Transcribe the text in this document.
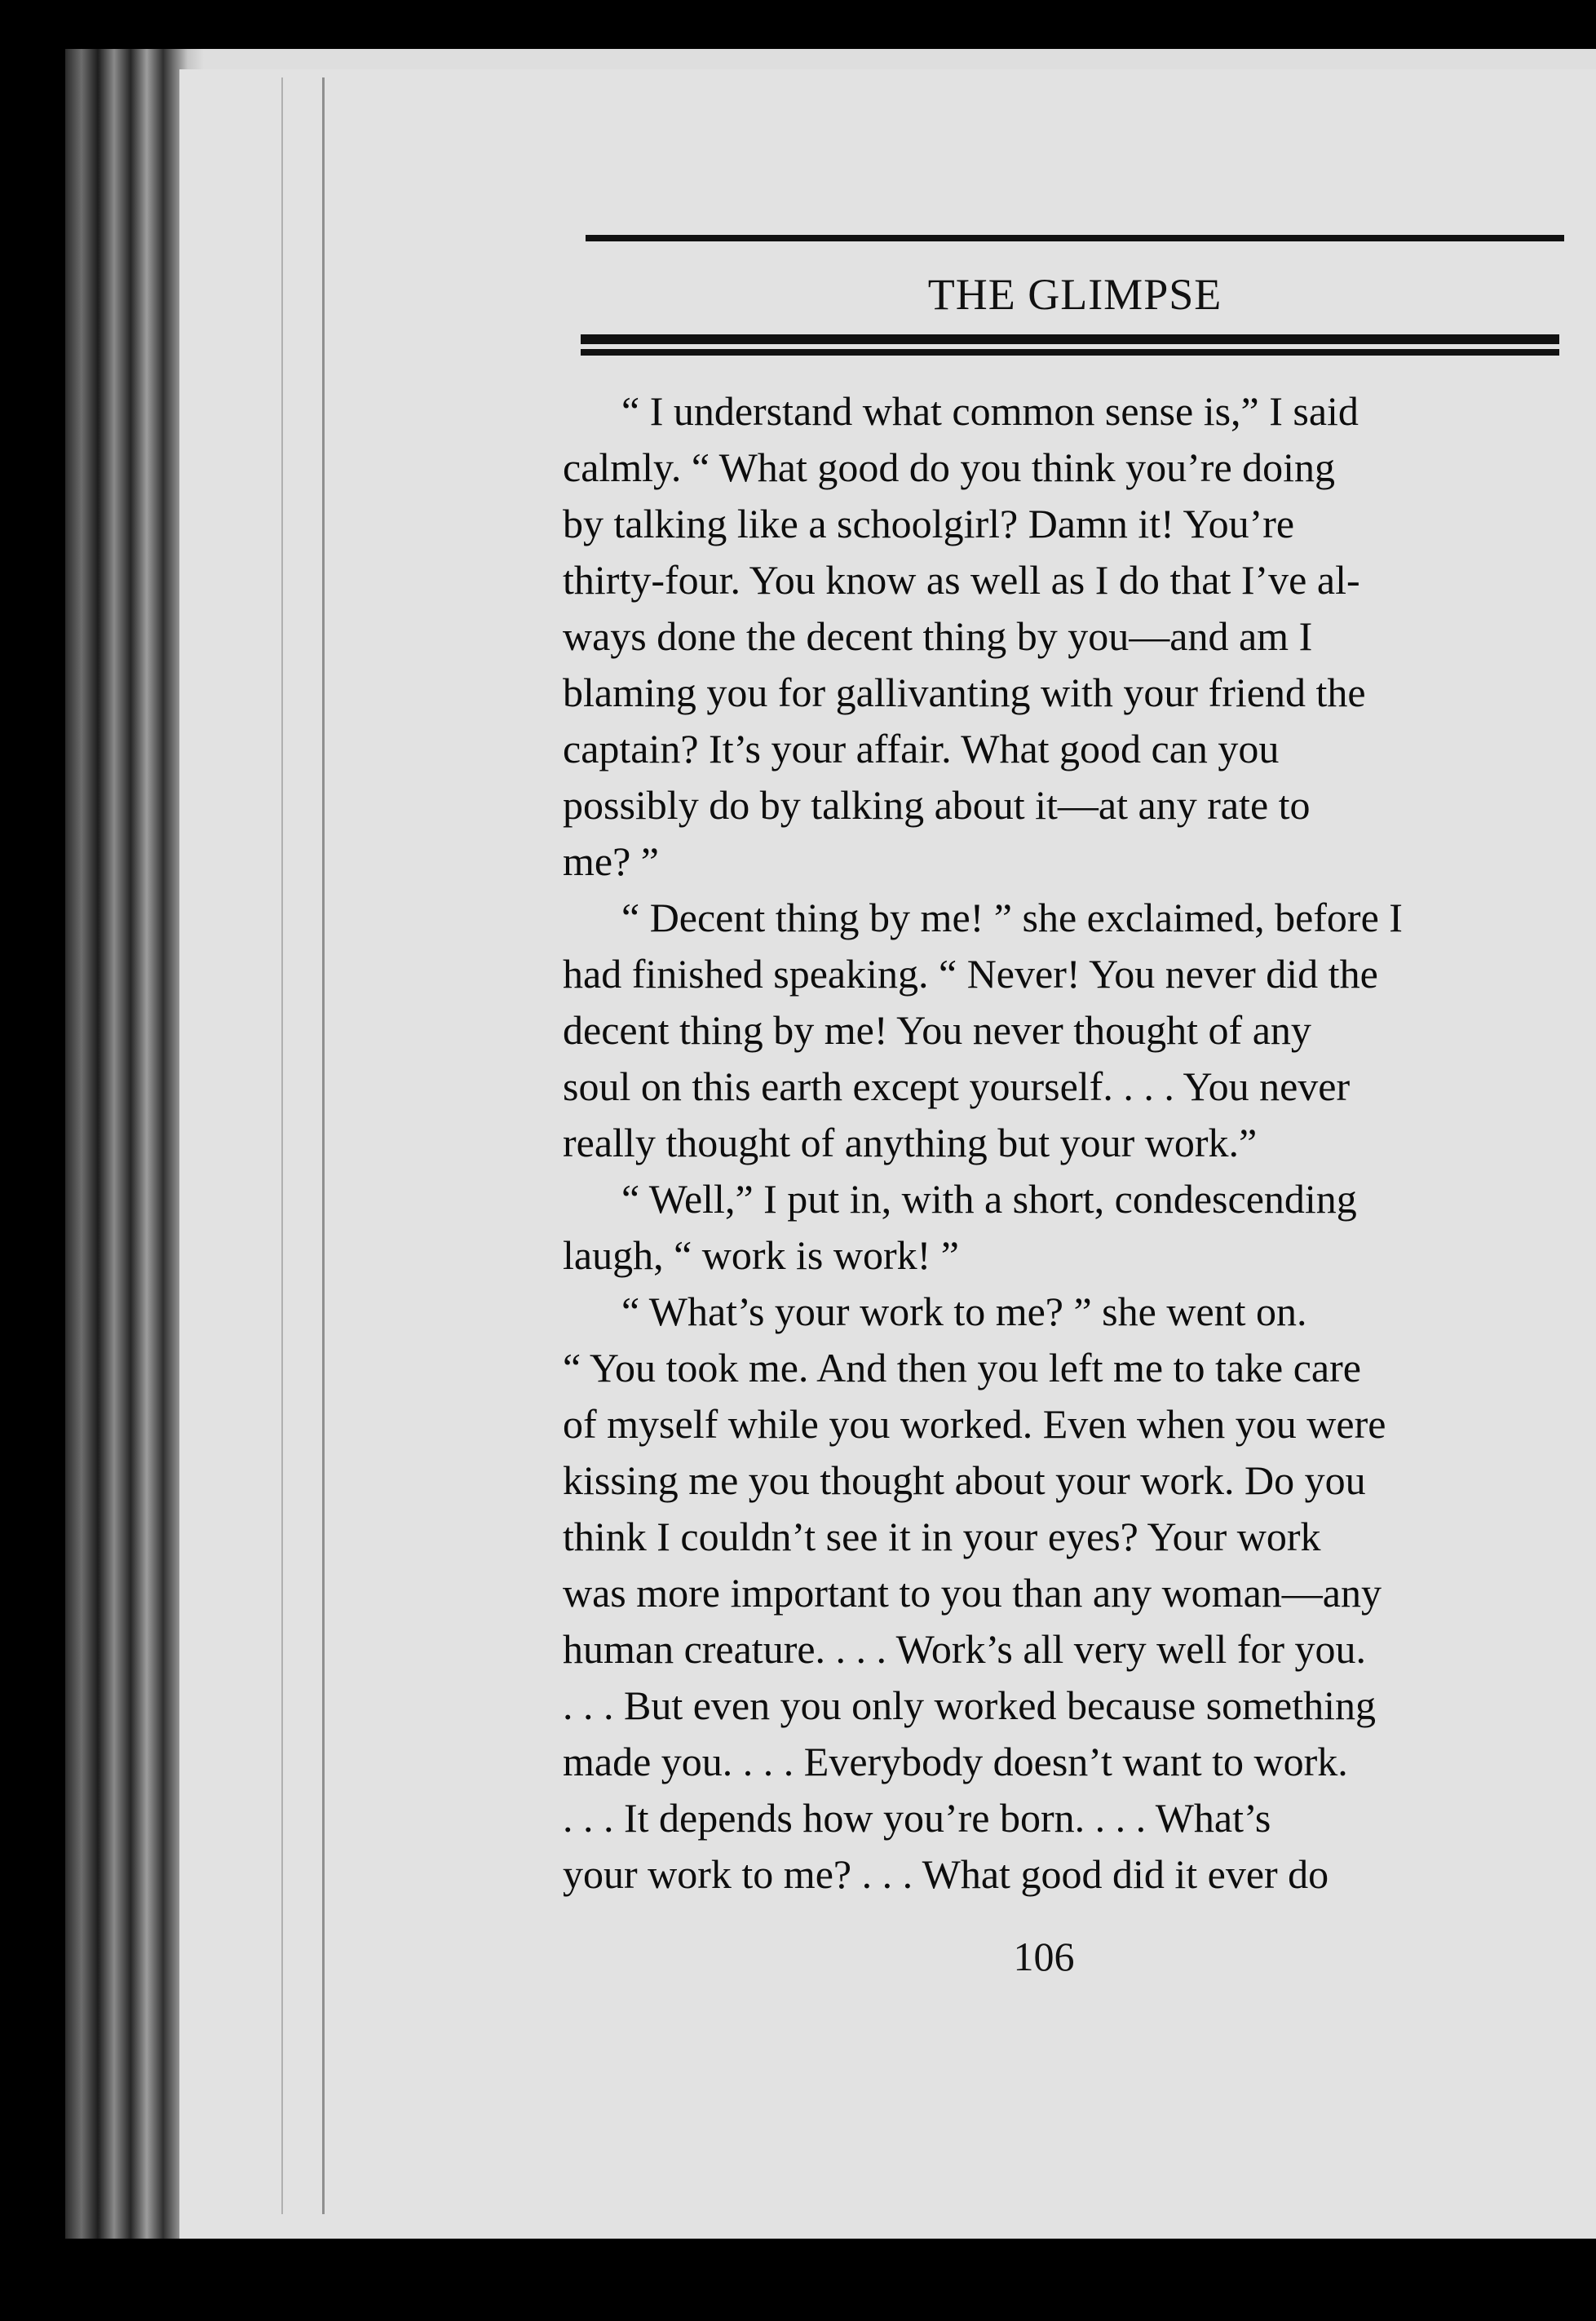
THE GLIMPSE
“ I understand what common sense is,” I said
calmly. “ What good do you think you’re doing
by talking like a schoolgirl? Damn it! You’re
thirty-four. You know as well as I do that I’ve al-
ways done the decent thing by you—and am I
blaming you for gallivanting with your friend the
captain? It’s your affair. What good can you
possibly do by talking about it—at any rate to
me? ”
“ Decent thing by me! ” she exclaimed, before I
had finished speaking. “ Never! You never did the
decent thing by me! You never thought of any
soul on this earth except yourself. . . . You never
really thought of anything but your work.”
“ Well,” I put in, with a short, condescending
laugh, “ work is work! ”
“ What’s your work to me? ” she went on.
“ You took me. And then you left me to take care
of myself while you worked. Even when you were
kissing me you thought about your work. Do you
think I couldn’t see it in your eyes? Your work
was more important to you than any woman—any
human creature. . . . Work’s all very well for you.
. . . But even you only worked because something
made you. . . . Everybody doesn’t want to work.
. . . It depends how you’re born. . . . What’s
your work to me? . . . What good did it ever do
106
